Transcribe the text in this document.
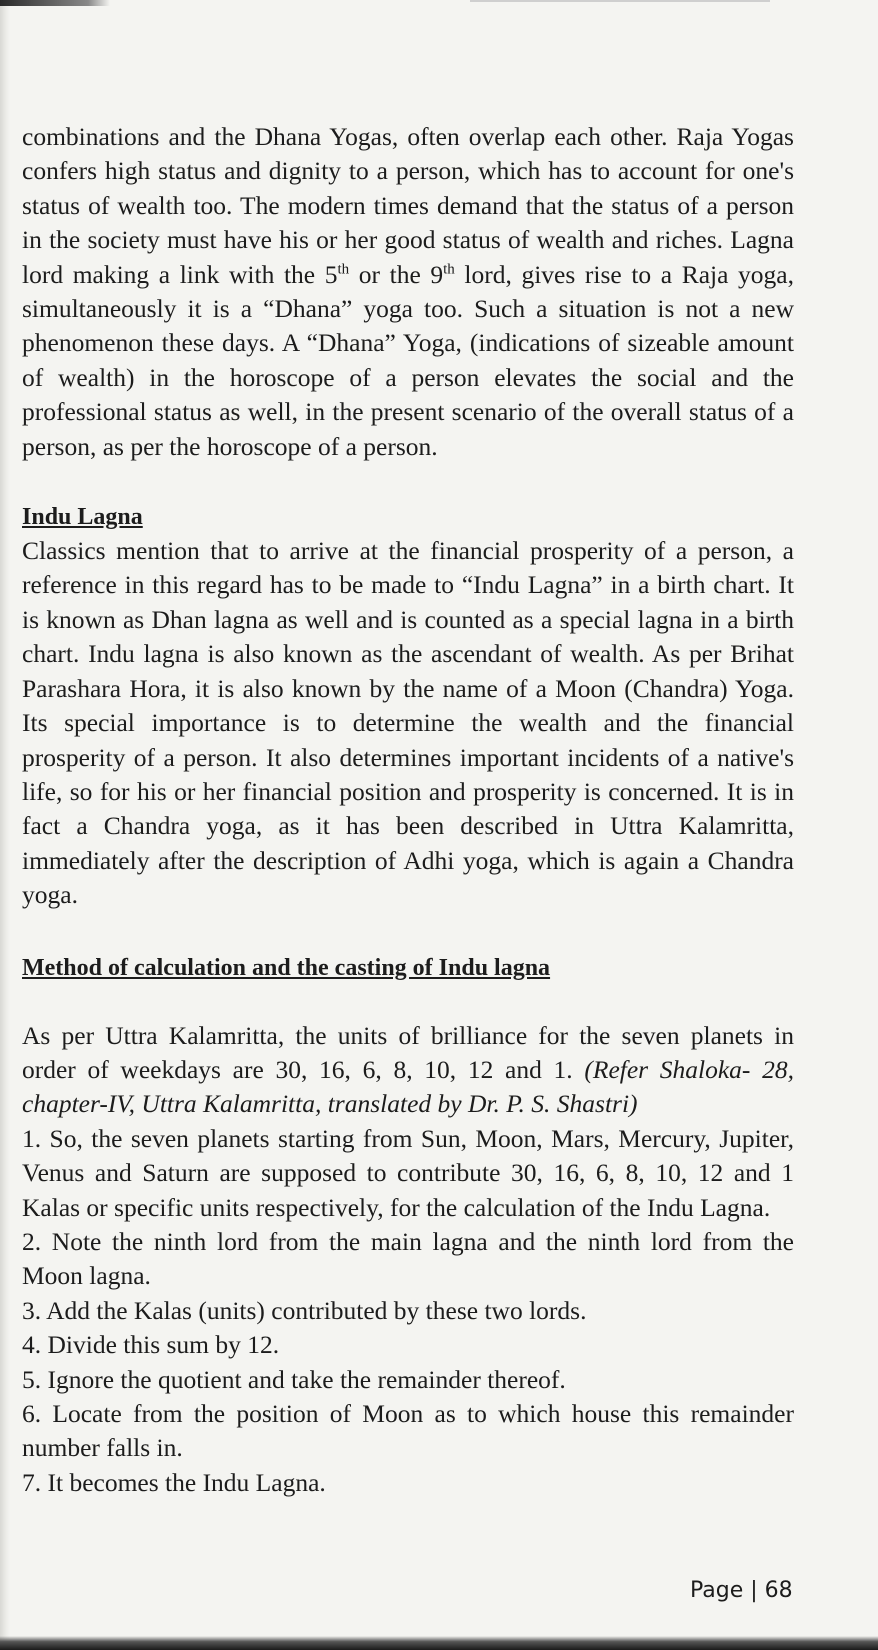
combinations and the Dhana Yogas, often overlap each other. Raja Yogas confers high status and dignity to a person, which has to account for one's status of wealth too. The modern times demand that the status of a person in the society must have his or her good status of wealth and riches. Lagna lord making a link with the 5th or the 9th lord, gives rise to a Raja yoga, simultaneously it is a “Dhana” yoga too. Such a situation is not a new phenomenon these days. A “Dhana” Yoga, (indications of sizeable amount of wealth) in the horoscope of a person elevates the social and the professional status as well, in the present scenario of the overall status of a person, as per the horoscope of a person.

Indu Lagna

Classics mention that to arrive at the financial prosperity of a person, a reference in this regard has to be made to “Indu Lagna” in a birth chart. It is known as Dhan lagna as well and is counted as a special lagna in a birth chart. Indu lagna is also known as the ascendant of wealth. As per Brihat Parashara Hora, it is also known by the name of a Moon (Chandra) Yoga. Its special importance is to determine the wealth and the financial prosperity of a person. It also determines important incidents of a native's life, so for his or her financial position and prosperity is concerned. It is in fact a Chandra yoga, as it has been described in Uttra Kalamritta, immediately after the description of Adhi yoga, which is again a Chandra yoga.

Method of calculation and the casting of Indu lagna

As per Uttra Kalamritta, the units of brilliance for the seven planets in order of weekdays are 30, 16, 6, 8, 10, 12 and 1. (Refer Shaloka- 28, chapter-IV, Uttra Kalamritta, translated by Dr. P. S. Shastri)

1. So, the seven planets starting from Sun, Moon, Mars, Mercury, Jupiter, Venus and Saturn are supposed to contribute 30, 16, 6, 8, 10, 12 and 1 Kalas or specific units respectively, for the calculation of the Indu Lagna.
2. Note the ninth lord from the main lagna and the ninth lord from the Moon lagna.
3. Add the Kalas (units) contributed by these two lords.
4. Divide this sum by 12.
5. Ignore the quotient and take the remainder thereof.
6. Locate from the position of Moon as to which house this remainder number falls in.
7. It becomes the Indu Lagna.
Page | 68
